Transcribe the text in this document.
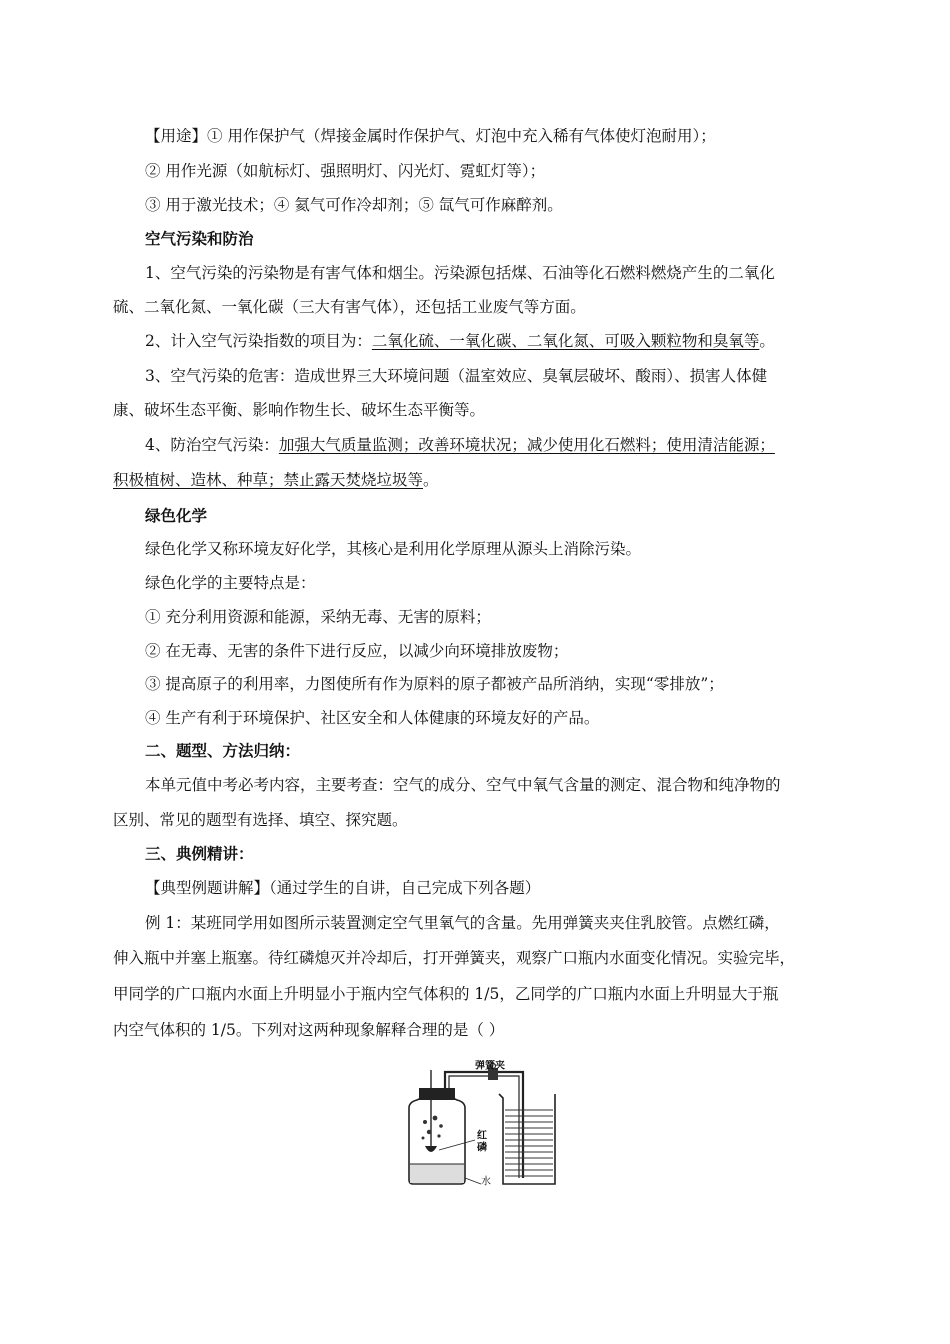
【用途】① 用作保护气（焊接金属时作保护气、灯泡中充入稀有气体使灯泡耐用）；
② 用作光源（如航标灯、强照明灯、闪光灯、霓虹灯等）；
③ 用于激光技术；④ 氦气可作冷却剂；⑤ 氙气可作麻醉剂。
空气污染和防治
1、空气污染的污染物是有害气体和烟尘。污染源包括煤、石油等化石燃料燃烧产生的二氧化
硫、二氧化氮、一氧化碳（三大有害气体），还包括工业废气等方面。
2、计入空气污染指数的项目为：二氧化硫、一氧化碳、二氧化氮、可吸入颗粒物和臭氧等。
3、空气污染的危害：造成世界三大环境问题（温室效应、臭氧层破坏、酸雨）、损害人体健
康、破坏生态平衡、影响作物生长、破坏生态平衡等。
4、防治空气污染：加强大气质量监测；改善环境状况；减少使用化石燃料；使用清洁能源；
积极植树、造林、种草；禁止露天焚烧垃圾等。
绿色化学
绿色化学又称环境友好化学，其核心是利用化学原理从源头上消除污染。
绿色化学的主要特点是：
① 充分利用资源和能源，采纳无毒、无害的原料；
② 在无毒、无害的条件下进行反应，以减少向环境排放废物；
③ 提高原子的利用率，力图使所有作为原料的原子都被产品所消纳，实现“零排放”；
④ 生产有利于环境保护、社区安全和人体健康的环境友好的产品。
二、题型、方法归纳：
本单元值中考必考内容，主要考查：空气的成分、空气中氧气含量的测定、混合物和纯净物的
区别、常见的题型有选择、填空、探究题。
三、典例精讲：
【典型例题讲解】（通过学生的自讲，自己完成下列各题）
例 1：某班同学用如图所示装置测定空气里氧气的含量。先用弹簧夹夹住乳胶管。点燃红磷，
伸入瓶中并塞上瓶塞。待红磷熄灭并冷却后，打开弹簧夹，观察广口瓶内水面变化情况。实验完毕，
甲同学的广口瓶内水面上升明显小于瓶内空气体积的 1/5，乙同学的广口瓶内水面上升明显大于瓶
内空气体积的 1/5。下列对这两种现象解释合理的是（ ）
弹簧夹
红
磷
水
